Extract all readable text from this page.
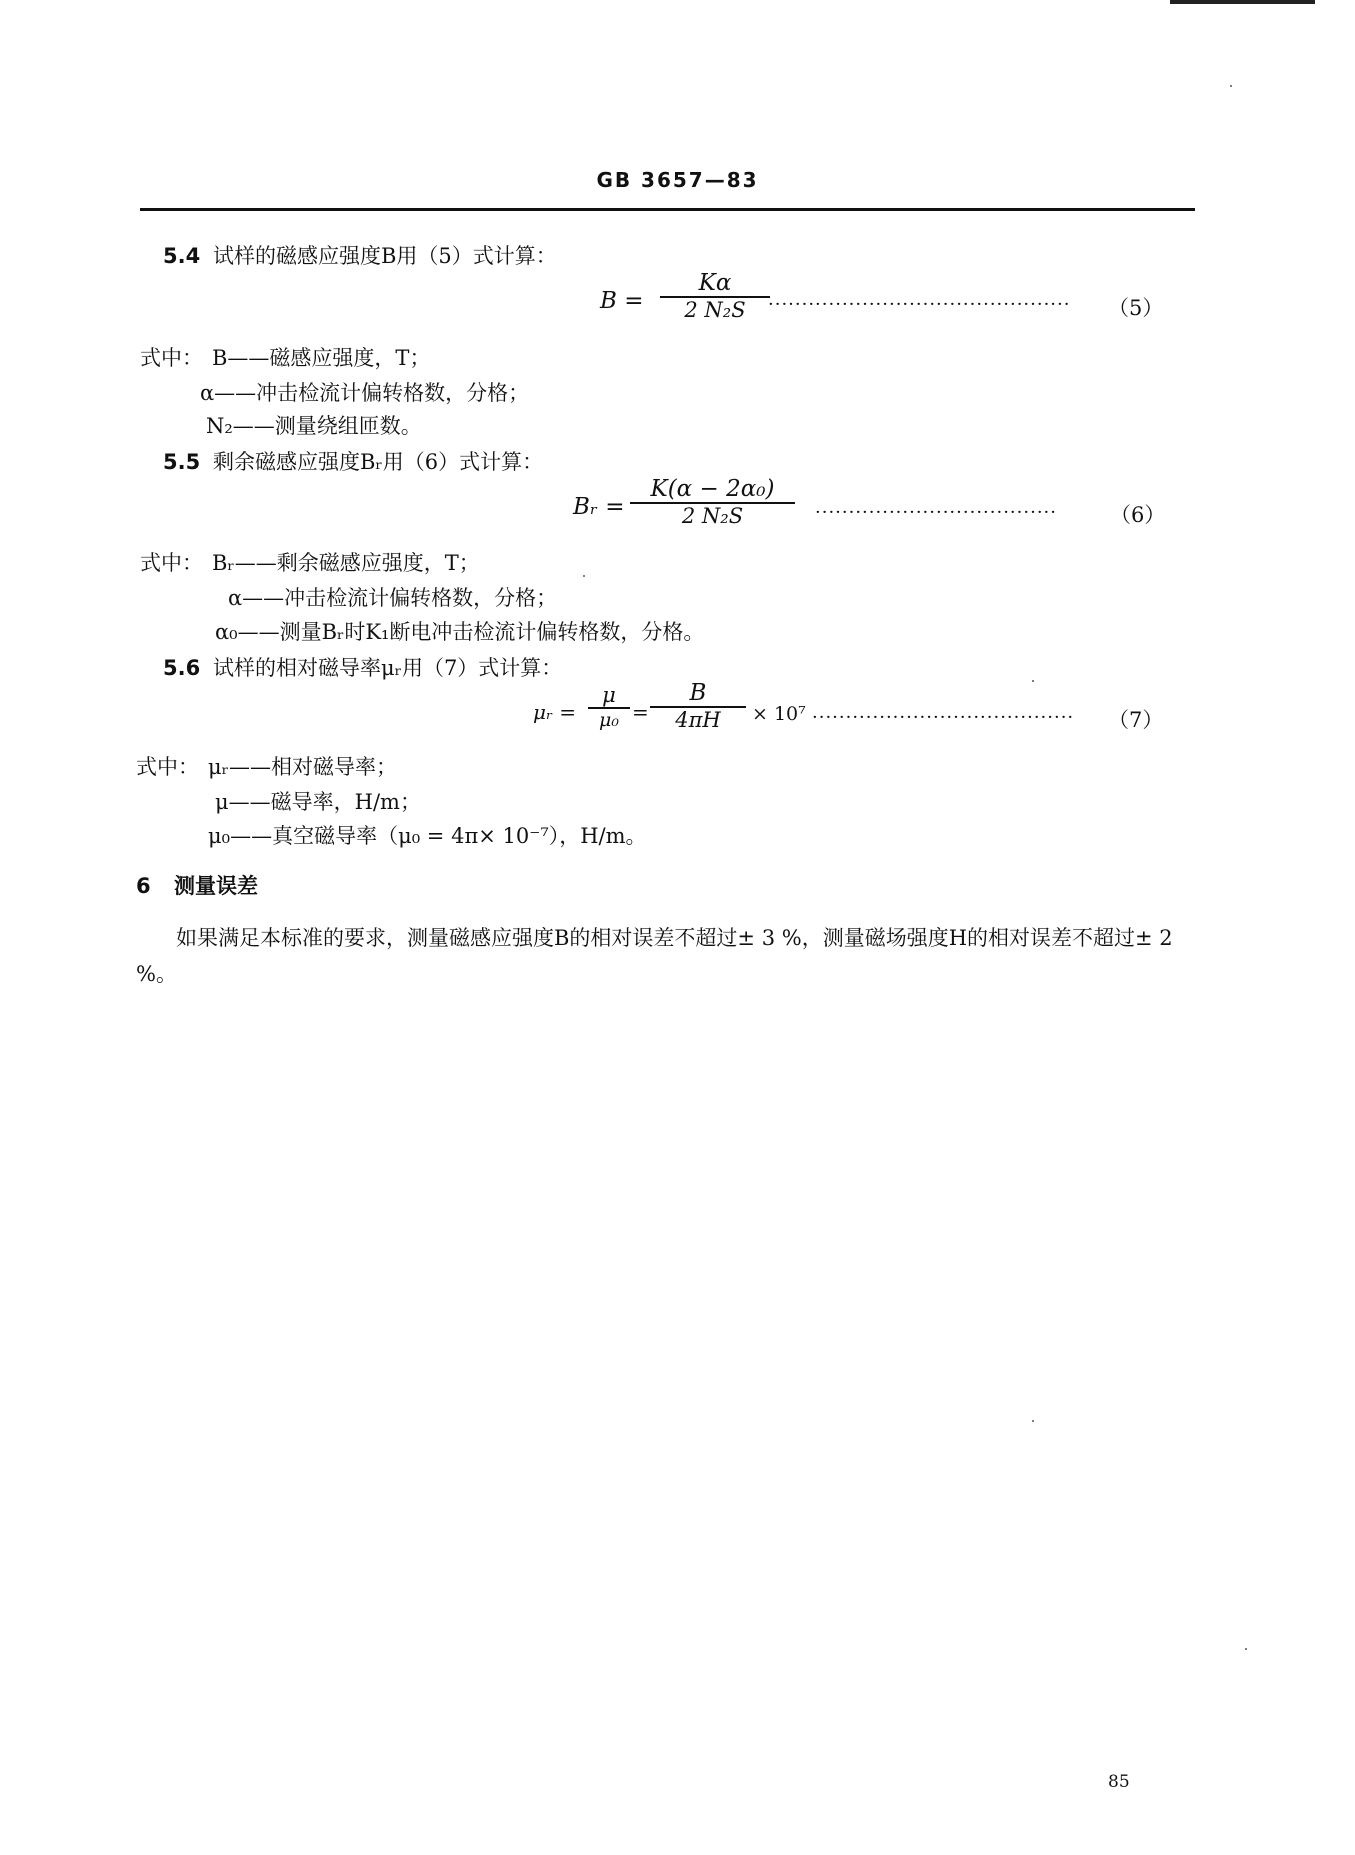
GB 3657—83
5.4 试样的磁感应强度B用（5）式计算：
B =
Kα
2 N₂S ·············································	（5）
式中： B——磁感应强度，T；
α——冲击检流计偏转格数，分格；
N₂——测量绕组匝数。
5.5 剩余磁感应强度Bᵣ用（6）式计算：
Bᵣ =
K(α − 2α₀)
2 N₂S	····································	（6）
式中： Bᵣ——剩余磁感应强度，T；
α——冲击检流计偏转格数，分格；
α₀——测量Bᵣ时K₁断电冲击检流计偏转格数，分格。
5.6 试样的相对磁导率μᵣ用（7）式计算：
μᵣ =
μ
μ₀ =
B
4πH × 10⁷ ·······································	（7）
式中： μᵣ——相对磁导率；
μ——磁导率，H/m；
μ₀——真空磁导率（μ₀ = 4π× 10⁻⁷），H/m。
6 测量误差
如果满足本标准的要求，测量磁感应强度B的相对误差不超过± 3 %，测量磁场强度H的相对误差不超过± 2 %。
85
